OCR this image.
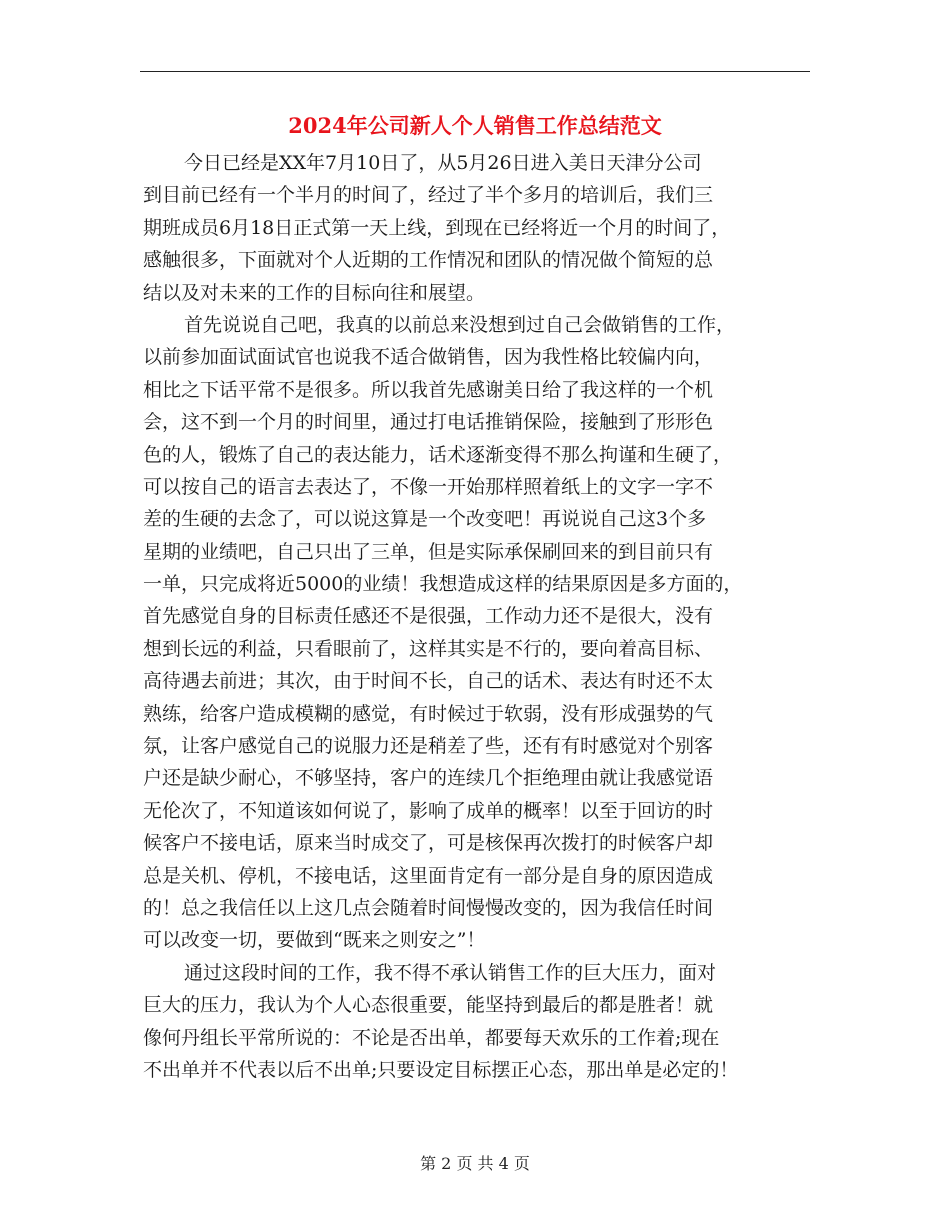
2024年公司新人个人销售工作总结范文
今日已经是XX年7月10日了，从5月26日进入美日天津分公司
到目前已经有一个半月的时间了，经过了半个多月的培训后，我们三
期班成员6月18日正式第一天上线，到现在已经将近一个月的时间了，
感触很多，下面就对个人近期的工作情况和团队的情况做个简短的总
结以及对未来的工作的目标向往和展望。
首先说说自己吧，我真的以前总来没想到过自己会做销售的工作，
以前参加面试面试官也说我不适合做销售，因为我性格比较偏内向，
相比之下话平常不是很多。所以我首先感谢美日给了我这样的一个机
会，这不到一个月的时间里，通过打电话推销保险，接触到了形形色
色的人，锻炼了自己的表达能力，话术逐渐变得不那么拘谨和生硬了，
可以按自己的语言去表达了，不像一开始那样照着纸上的文字一字不
差的生硬的去念了，可以说这算是一个改变吧！再说说自己这3个多
星期的业绩吧，自己只出了三单，但是实际承保刷回来的到目前只有
一单，只完成将近5000的业绩！我想造成这样的结果原因是多方面的，
首先感觉自身的目标责任感还不是很强，工作动力还不是很大，没有
想到长远的利益，只看眼前了，这样其实是不行的，要向着高目标、
高待遇去前进；其次，由于时间不长，自己的话术、表达有时还不太
熟练，给客户造成模糊的感觉，有时候过于软弱，没有形成强势的气
氛，让客户感觉自己的说服力还是稍差了些，还有有时感觉对个别客
户还是缺少耐心，不够坚持，客户的连续几个拒绝理由就让我感觉语
无伦次了，不知道该如何说了，影响了成单的概率！以至于回访的时
候客户不接电话，原来当时成交了，可是核保再次拨打的时候客户却
总是关机、停机，不接电话，这里面肯定有一部分是自身的原因造成
的！总之我信任以上这几点会随着时间慢慢改变的，因为我信任时间
可以改变一切，要做到“既来之则安之”！
通过这段时间的工作，我不得不承认销售工作的巨大压力，面对
巨大的压力，我认为个人心态很重要，能坚持到最后的都是胜者！就
像何丹组长平常所说的：不论是否出单，都要每天欢乐的工作着;现在
不出单并不代表以后不出单;只要设定目标摆正心态，那出单是必定的！
第 2 页 共 4 页
